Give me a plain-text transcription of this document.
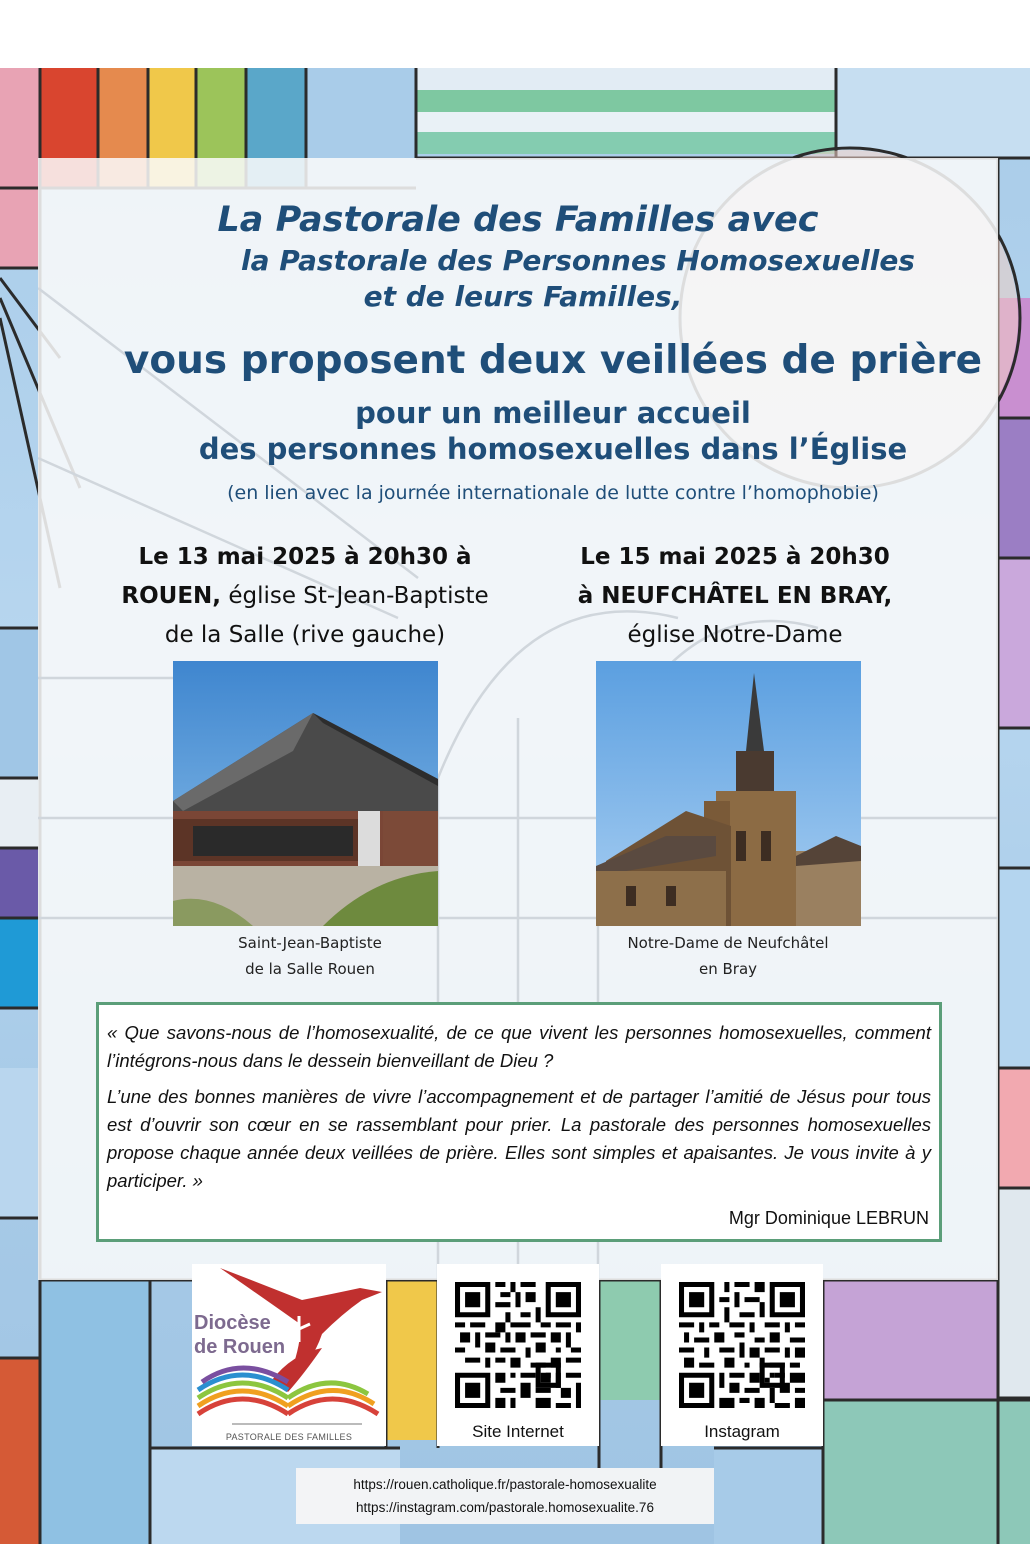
La Pastorale des Familles avec
la Pastorale des Personnes Homosexuelles
et de leurs Familles,
vous proposent deux veillées de prière
pour un meilleur accueil
des personnes homosexuelles dans l’Église
(en lien avec la journée internationale de lutte contre l’homophobie)
Le 13 mai 2025 à 20h30 à
ROUEN, église St-Jean-Baptiste
de la Salle (rive gauche)
Le 15 mai 2025 à 20h30
à NEUFCHÂTEL EN BRAY,
église Notre-Dame
Saint-Jean-Baptiste
de la Salle Rouen
Notre-Dame de Neufchâtel
en Bray

« Que savons-nous de l’homosexualité, de ce que vivent les personnes homosexuelles, comment l’intégrons-nous dans le dessein bienveillant de Dieu ?

L’une des bonnes manières de vivre l’accompagnement et de partager l’amitié de Jésus pour tous est d’ouvrir son cœur en se rassemblant pour prier. La pastorale des personnes homosexuelles propose chaque année deux veillées de prière. Elles sont simples et apaisantes. Je vous invite à y participer. »

Mgr Dominique LEBRUN
Diocèse
de Rouen
PASTORALE DES FAMILLES	Site Internet	Instagram
https://rouen.catholique.fr/pastorale-homosexualite
https://instagram.com/pastorale.homosexualite.76
